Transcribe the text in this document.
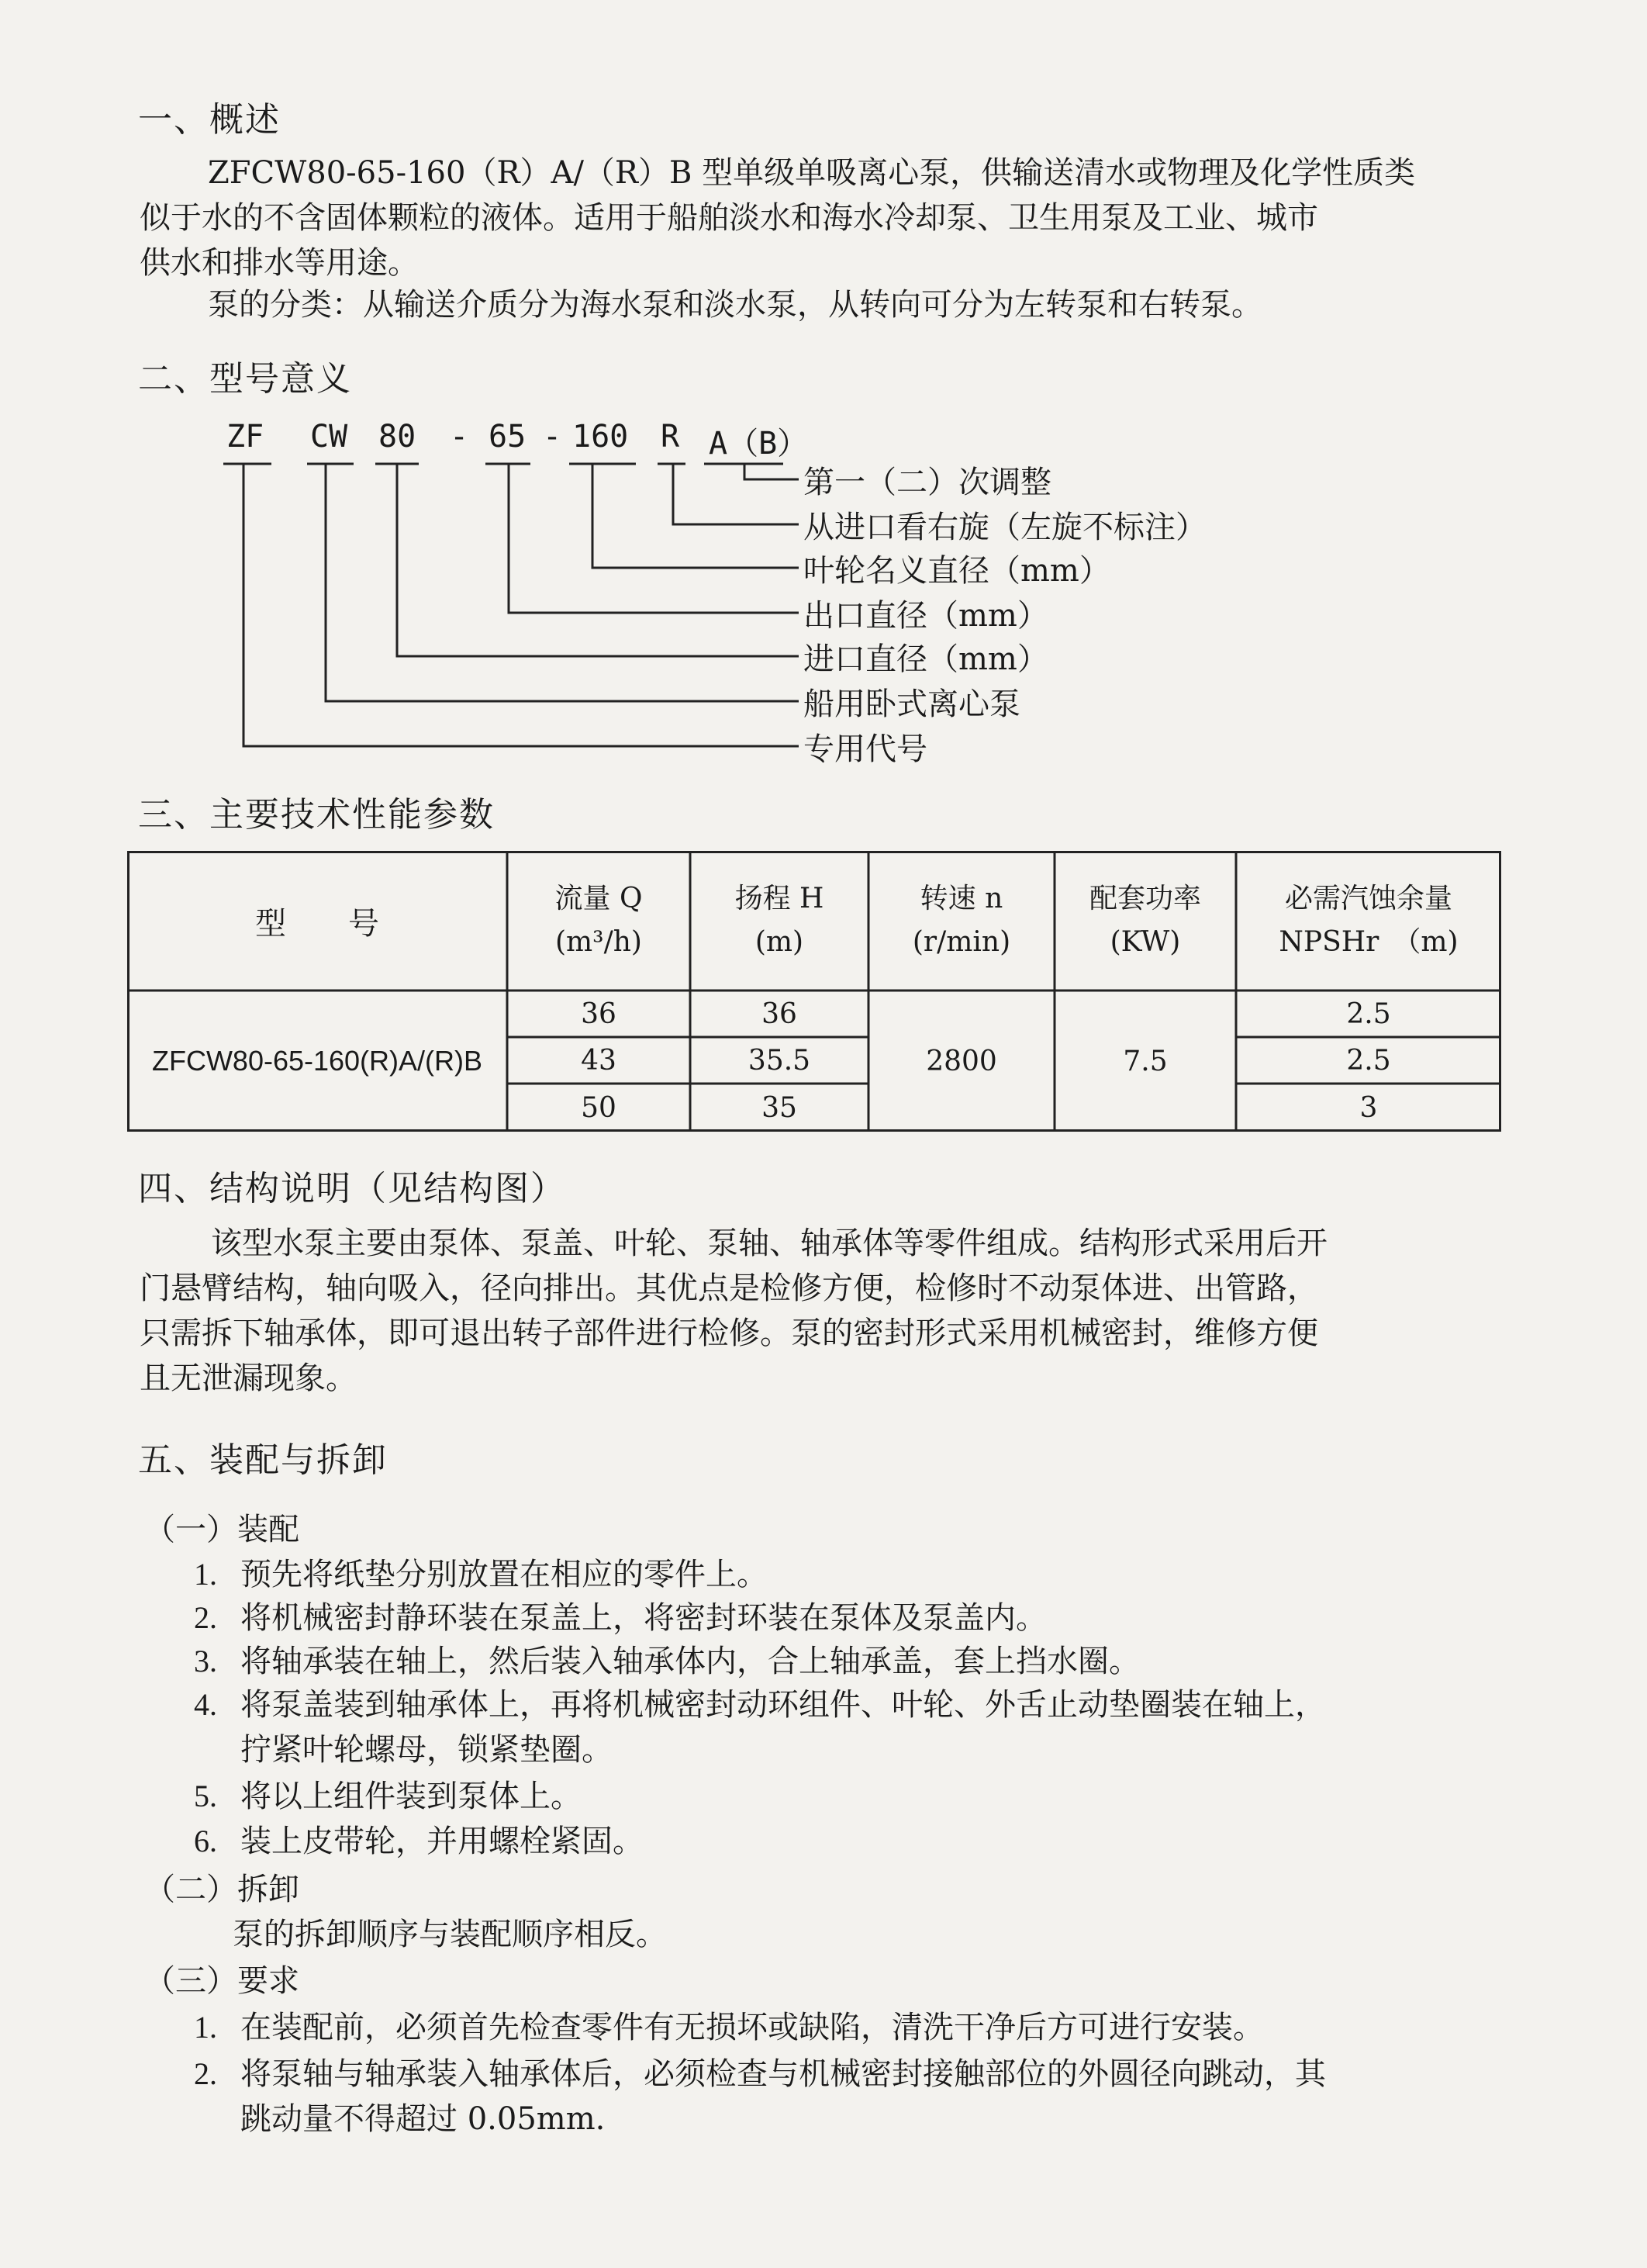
一、概述
ZFCW80-65-160（R）A/（R）B 型单级单吸离心泵，供输送清水或物理及化学性质类
似于水的不含固体颗粒的液体。适用于船舶淡水和海水冷却泵、卫生用泵及工业、城市
供水和排水等用途。
泵的分类：从输送介质分为海水泵和淡水泵，从转向可分为左转泵和右转泵。
二、型号意义
ZF CW 80 - 65 - 160 R A（B）
第一（二）次调整
从进口看右旋（左旋不标注）
叶轮名义直径（mm）
出口直径（mm）
进口直径（mm）
船用卧式离心泵
专用代号
三、主要技术性能参数
型　　号
流量 Q
(m³/h)
扬程 H
(m)
转速 n
(r/min)
配套功率
(KW)
必需汽蚀余量
NPSHr　（m)
ZFCW80-65-160(R)A/(R)B
36
43
50
36
35.5
35
2800	7.5
2.5
2.5
3
四、结构说明（见结构图）
该型水泵主要由泵体、泵盖、叶轮、泵轴、轴承体等零件组成。结构形式采用后开
门悬臂结构，轴向吸入，径向排出。其优点是检修方便，检修时不动泵体进、出管路，
只需拆下轴承体，即可退出转子部件进行检修。泵的密封形式采用机械密封，维修方便
且无泄漏现象。
五、装配与拆卸
（一）装配
1. 预先将纸垫分别放置在相应的零件上。
2. 将机械密封静环装在泵盖上，将密封环装在泵体及泵盖内。
3. 将轴承装在轴上，然后装入轴承体内，合上轴承盖，套上挡水圈。
4. 将泵盖装到轴承体上，再将机械密封动环组件、叶轮、外舌止动垫圈装在轴上，
拧紧叶轮螺母，锁紧垫圈。
5. 将以上组件装到泵体上。
6. 装上皮带轮，并用螺栓紧固。
（二）拆卸
泵的拆卸顺序与装配顺序相反。
（三）要求
1. 在装配前，必须首先检查零件有无损坏或缺陷，清洗干净后方可进行安装。
2. 将泵轴与轴承装入轴承体后，必须检查与机械密封接触部位的外圆径向跳动，其
跳动量不得超过 0.05mm.
